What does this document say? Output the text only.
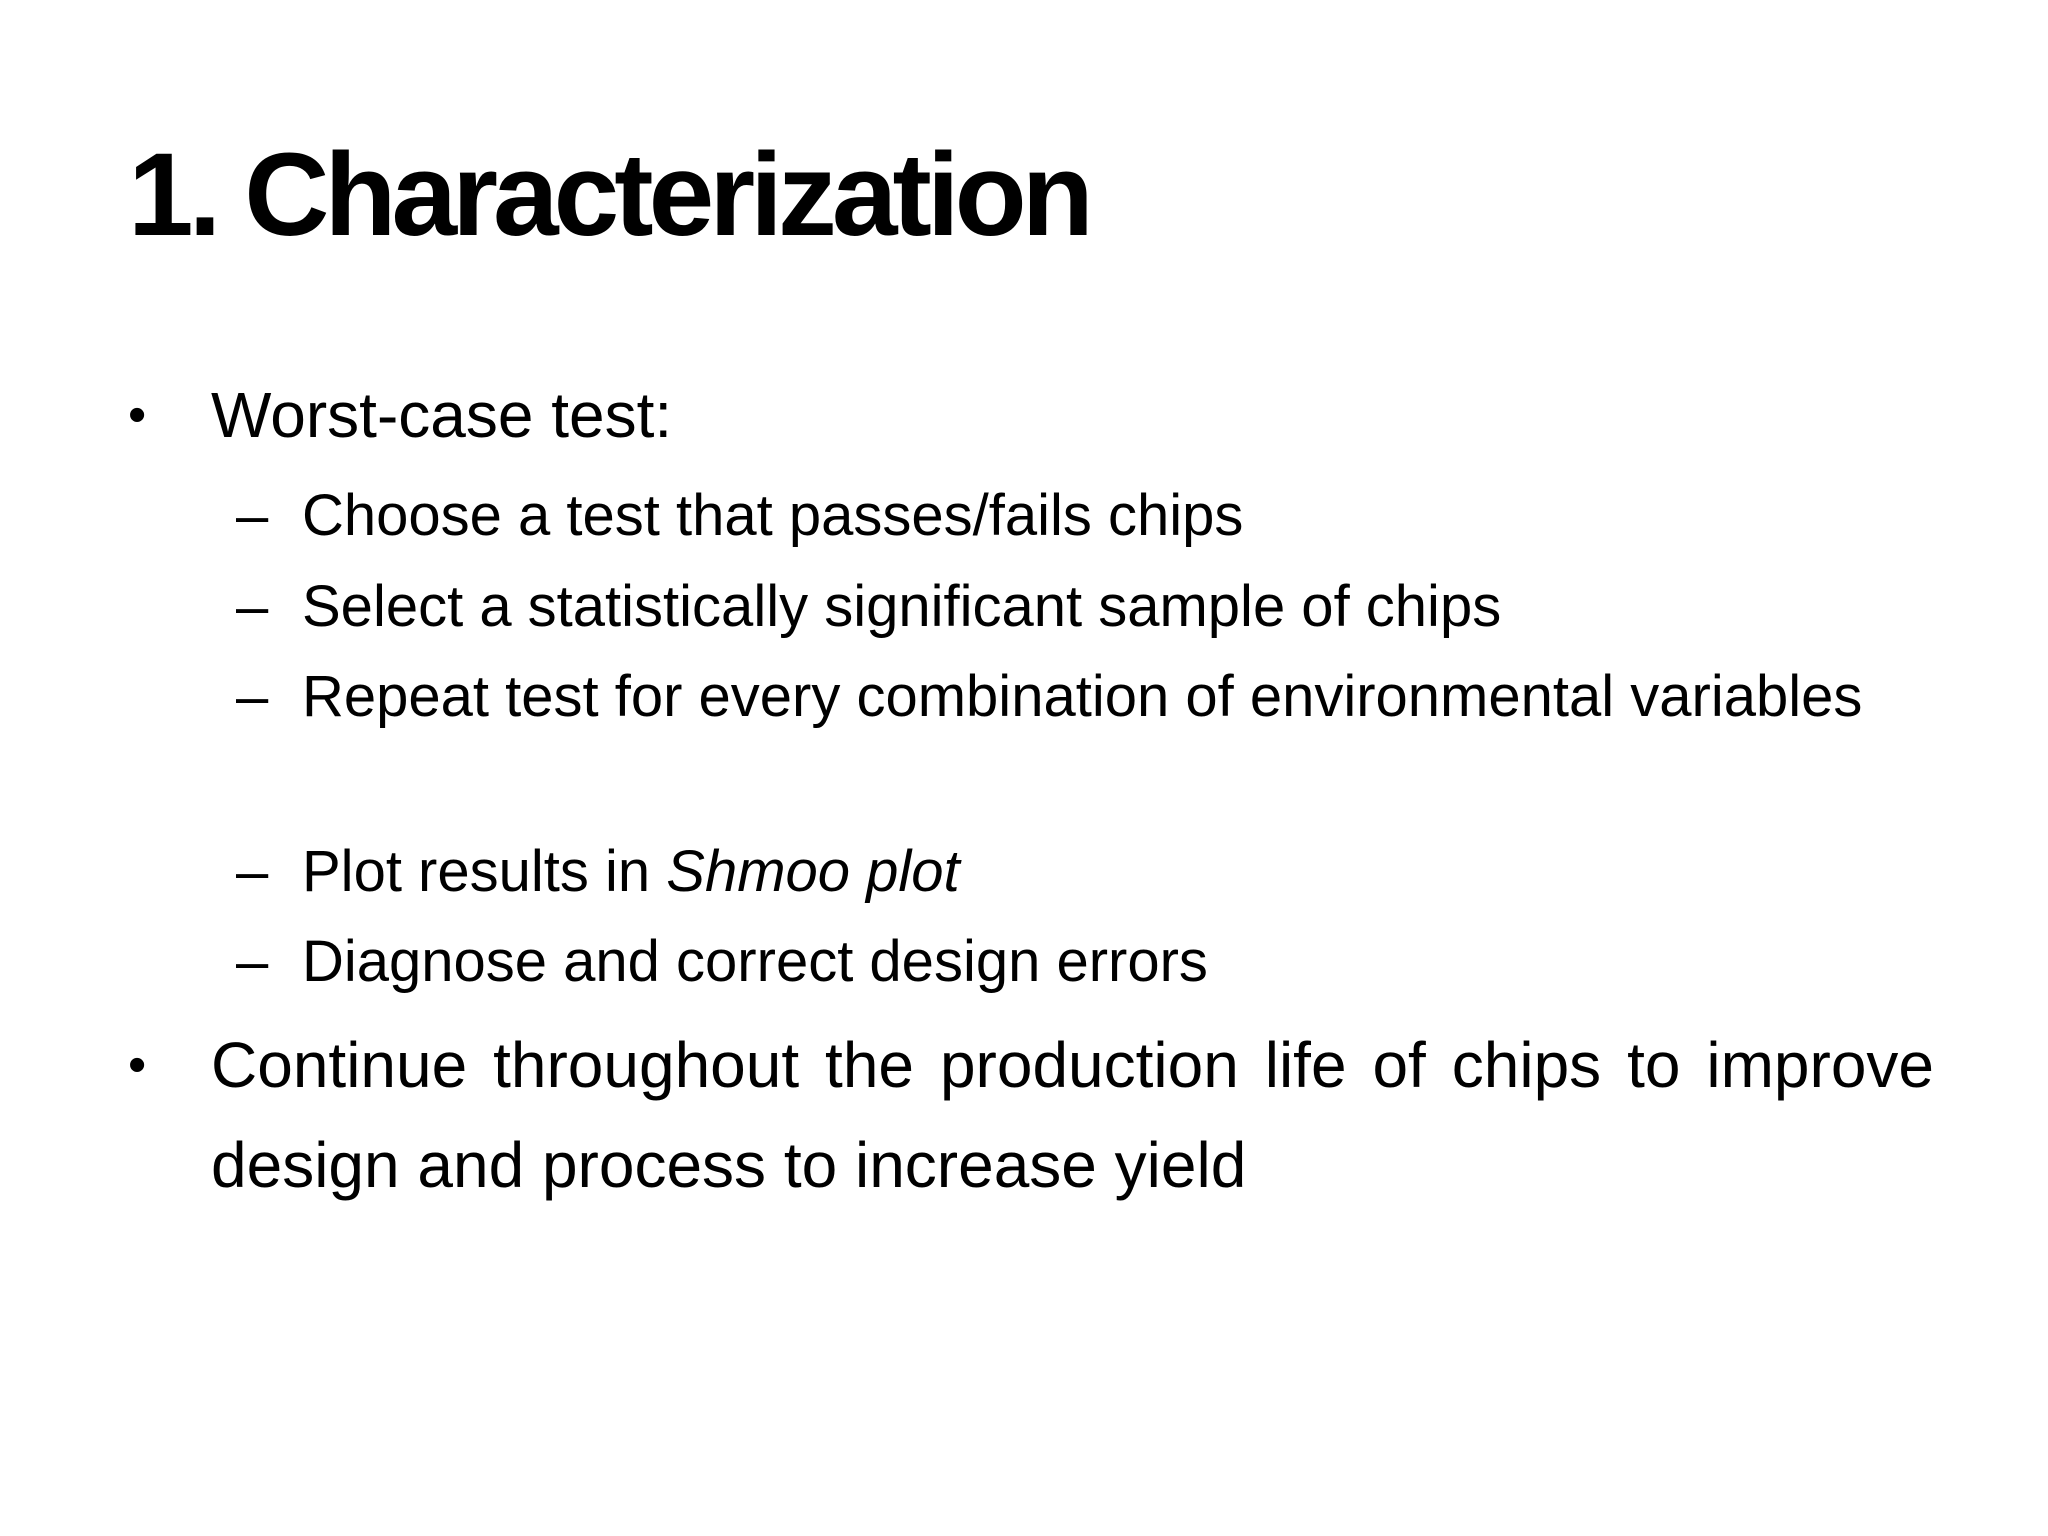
1. Characterization
•	Worst-case test:
– Choose a test that passes/fails chips
– Select a statistically significant sample of chips
– Repeat test for every combination of environmental variables
– Plot results in Shmoo plot
– Diagnose and correct design errors
•	Continue throughout the production life of chips to improve design and process to increase yield
